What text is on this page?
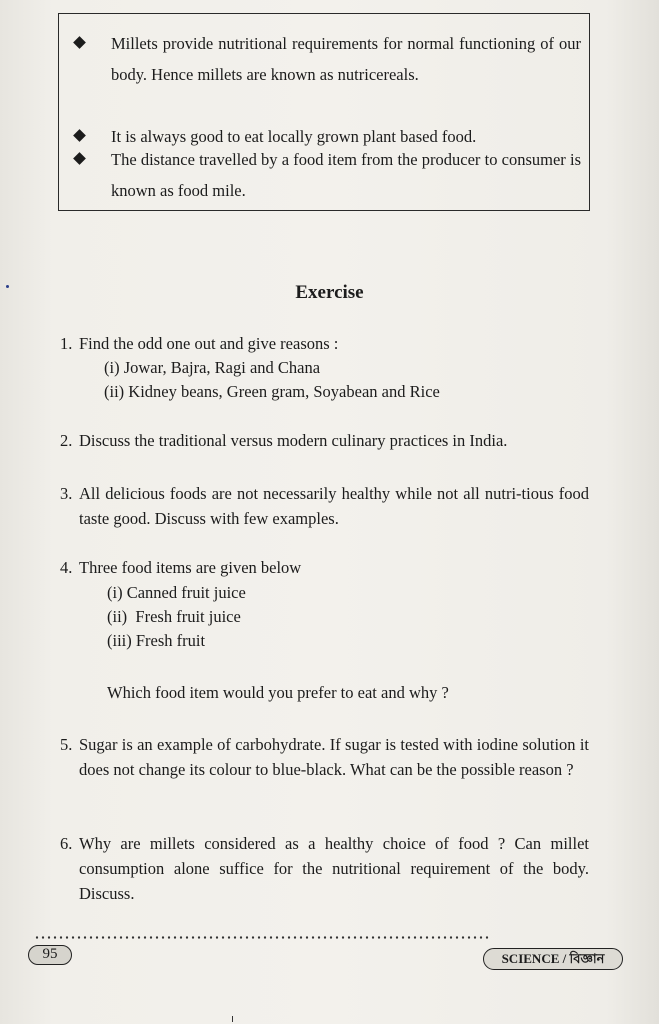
Millets provide nutritional requirements for normal functioning of our body. Hence millets are known as nutricereals.
It is always good to eat locally grown plant based food.
The distance travelled by a food item from the producer to consumer is known as food mile.
Exercise
1. Find the odd one out and give reasons :
(i) Jowar, Bajra, Ragi and Chana
(ii) Kidney beans, Green gram, Soyabean and Rice
2. Discuss the traditional versus modern culinary practices in India.
3. All delicious foods are not necessarily healthy while not all nutri-tious food taste good. Discuss with few examples.
4. Three food items are given below
(i) Canned fruit juice
(ii)  Fresh fruit juice
(iii) Fresh fruit
Which food item would you prefer to eat and why ?
5. Sugar is an example of carbohydrate. If sugar is tested with iodine solution it does not change its colour to blue-black. What can be the possible reason ?
6. Why are millets considered as a healthy choice of food ? Can millet consumption alone suffice for the nutritional requirement of the body. Discuss.
95	SCIENCE / বিজ্ঞান
